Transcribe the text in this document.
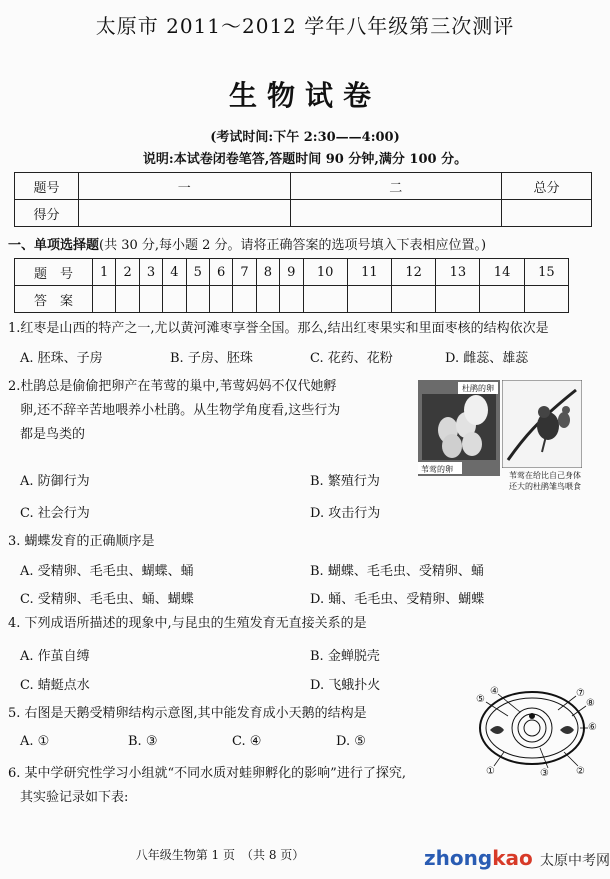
太原市 2011～2012 学年八年级第三次测评
生物试卷
(考试时间:下午 2:30——4:00)
说明:本试卷闭卷笔答,答题时间 90 分钟,满分 100 分。
题号	一	二	总分
得分			
一、单项选择题(共 30 分,每小题 2 分。请将正确答案的选项号填入下表相应位置。)
题　号	1	2	3	4	5	6	7	8	9	10	11	12	13	14	15
答　案															
1.红枣是山西的特产之一,尤以黄河滩枣享誉全国。那么,结出红枣果实和里面枣核的结构依次是
A. 胚珠、子房	B. 子房、胚珠	C. 花药、花粉	D. 雌蕊、雄蕊
2.杜鹃总是偷偷把卵产在苇莺的巢中,苇莺妈妈不仅代她孵
卵,还不辞辛苦地喂养小杜鹃。从生物学角度看,这些行为
都是鸟类的
A. 防御行为	B. 繁殖行为
C. 社会行为	D. 攻击行为
杜鹃的卵
苇莺的卵
苇莺在给比自己身体
还大的杜鹃雏鸟喂食
3. 蝴蝶发育的正确顺序是
A. 受精卵、毛毛虫、蝴蝶、蛹	B. 蝴蝶、毛毛虫、受精卵、蛹
C. 受精卵、毛毛虫、蛹、蝴蝶	D. 蛹、毛毛虫、受精卵、蝴蝶
4. 下列成语所描述的现象中,与昆虫的生殖发育无直接关系的是
A. 作茧自缚	B. 金蝉脱壳
C. 蜻蜓点水	D. 飞蛾扑火
5. 右图是天鹅受精卵结构示意图,其中能发育成小天鹅的结构是
A. ①	B. ③	C. ④	D. ⑤
⑤
④	⑦
⑧
⑥
①	③	②
6. 某中学研究性学习小组就“不同水质对蛙卵孵化的影响”进行了探究,
其实验记录如下表:
八年级生物第 1 页　（共 8 页）	zhongkao 太原中考网
